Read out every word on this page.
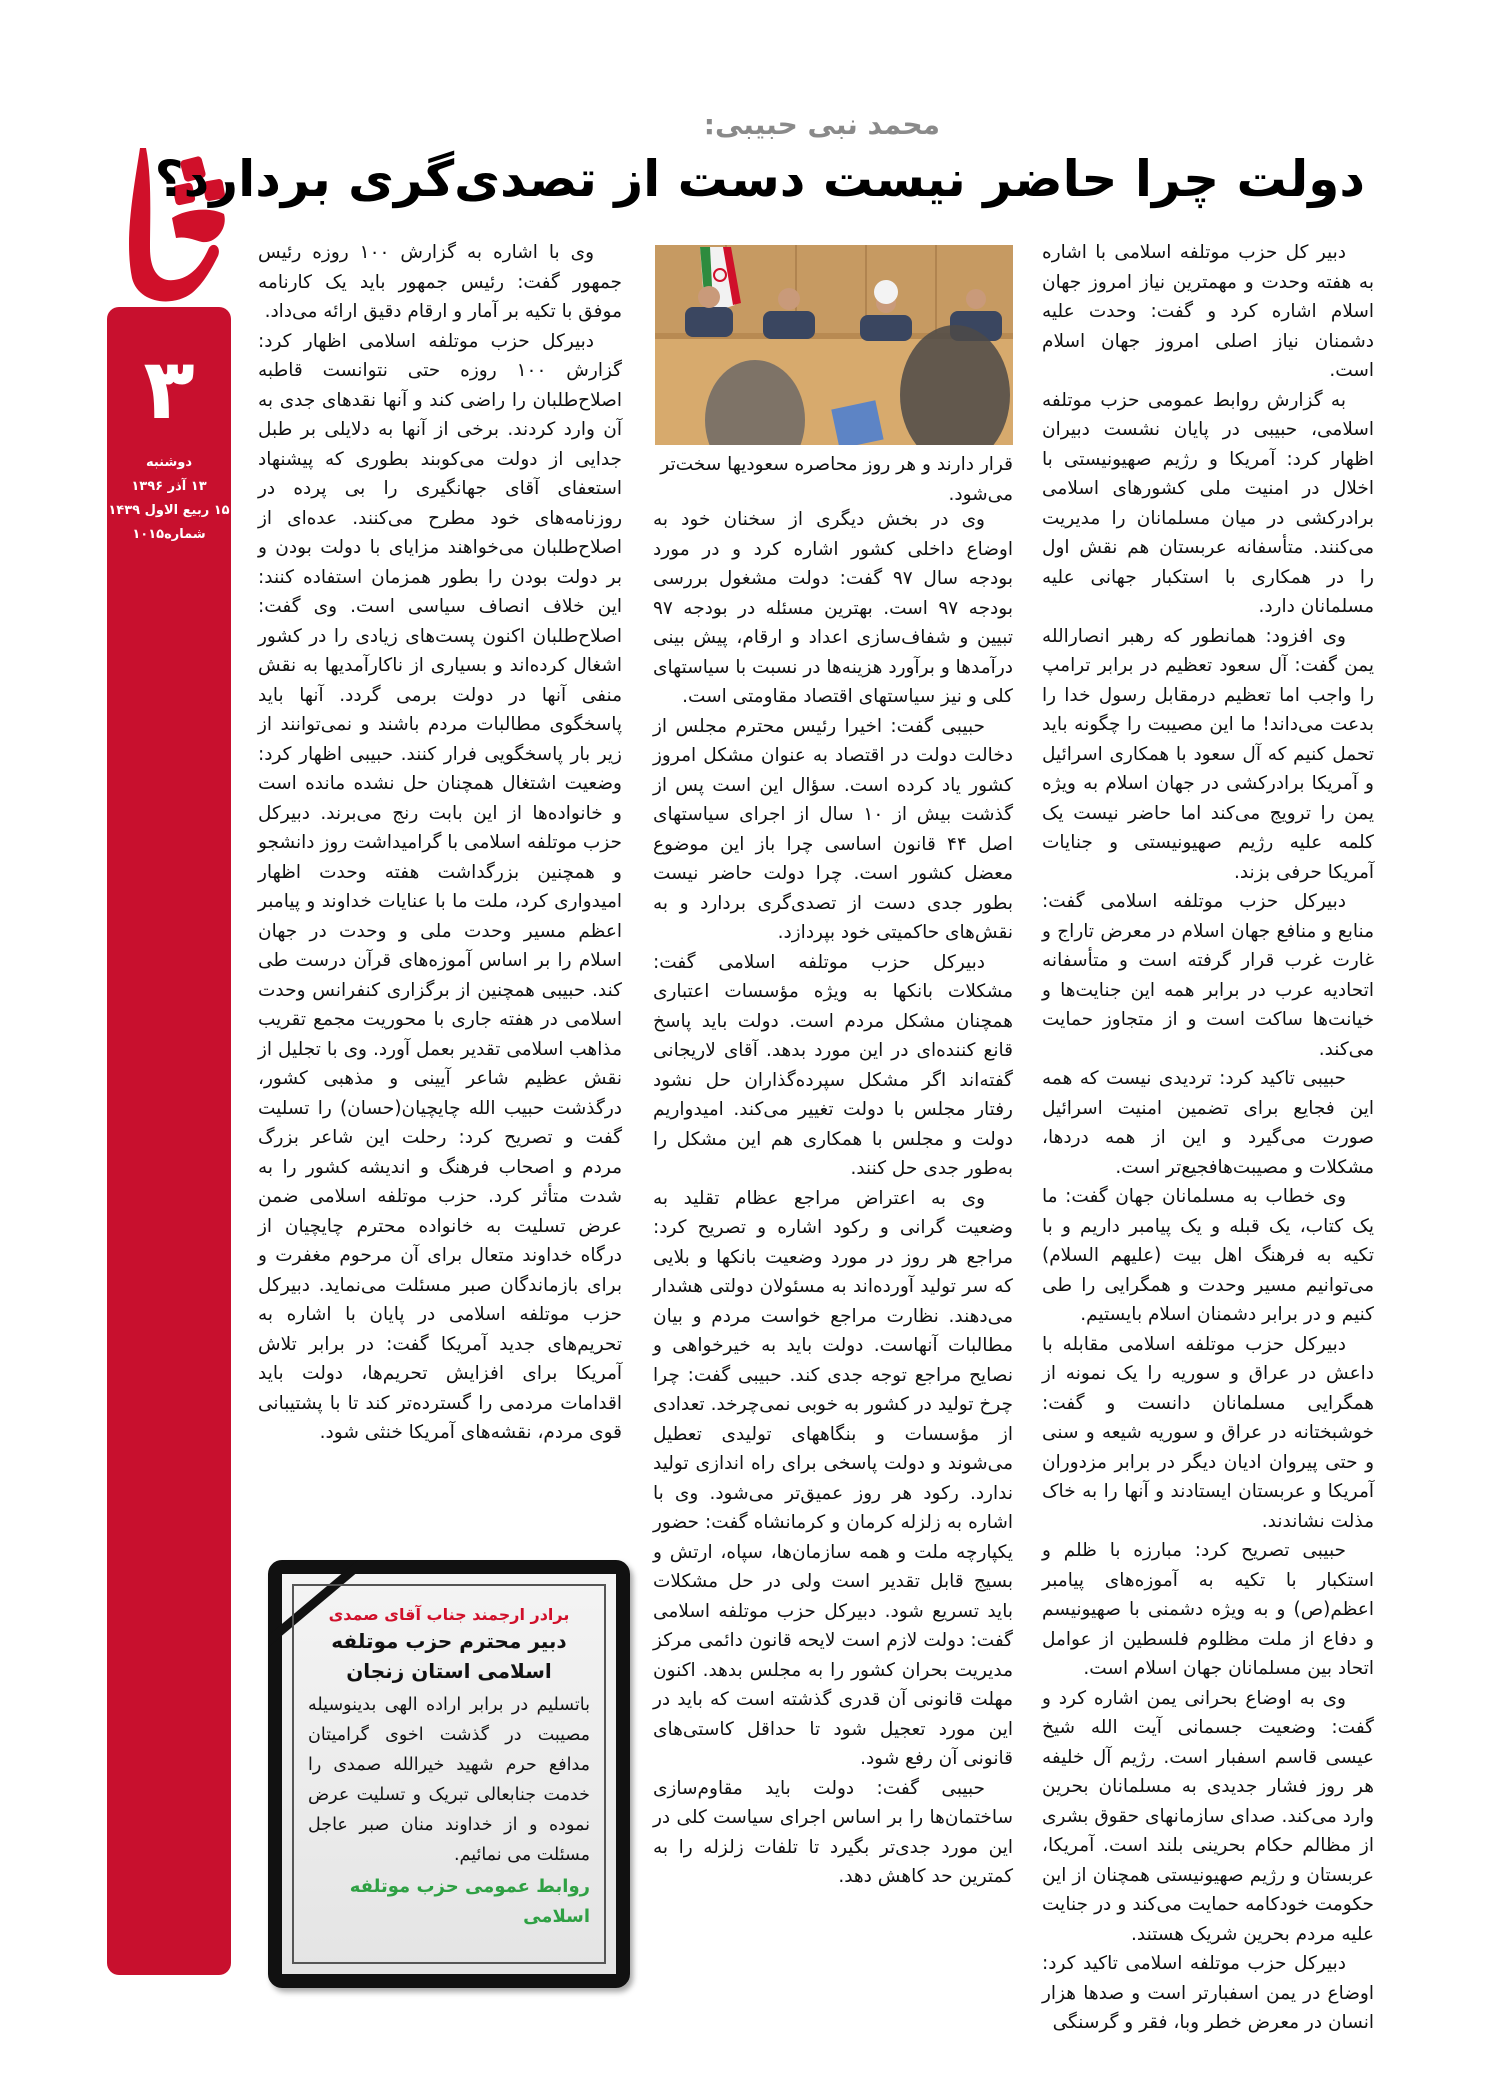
۳
دوشنبه
۱۳ آذر ۱۳۹۶
۱۵ ربیع الاول ۱۴۳۹
شماره۱۰۱۵
محمد نبی حبیبی:
دولت چرا حاضر نیست دست از تصدی‌گری بردارد؟

دبیر کل حزب موتلفه اسلامی با اشاره به هفته وحدت و مهمترین نیاز امروز جهان اسلام اشاره کرد و گفت: وحدت علیه دشمنان نیاز اصلی امروز جهان اسلام است.

به گزارش روابط عمومی حزب موتلفه اسلامی، حبیبی در پایان نشست دبیران اظهار کرد: آمریکا و رژیم صهیونیستی با اخلال در امنیت ملی کشورهای اسلامی برادرکشی در میان مسلمانان را مدیریت می‌کنند. متأسفانه عربستان هم نقش اول را در همکاری با استکبار جهانی علیه مسلمانان دارد.

وی افزود: همانطور که رهبر انصارالله یمن گفت: آل سعود تعظیم در برابر ترامپ را واجب اما تعظیم درمقابل رسول خدا را بدعت می‌داند! ما این مصیبت را چگونه باید تحمل کنیم که آل سعود با همکاری اسرائیل و آمریکا برادرکشی در جهان اسلام به ویژه یمن را ترویج می‌کند اما حاضر نیست یک کلمه علیه رژیم صهیونیستی و جنایات آمریکا حرفی بزند.

دبیرکل حزب موتلفه اسلامی گفت: منابع و منافع جهان اسلام در معرض تاراج و غارت غرب قرار گرفته است و متأسفانه اتحادیه عرب در برابر همه این جنایت‌ها و خیانت‌ها ساکت است و از متجاوز حمایت می‌کند.

حبیبی تاکید کرد: تردیدی نیست که همه این فجایع برای تضمین امنیت اسرائیل صورت می‌گیرد و این از همه دردها، مشکلات و مصیبت‌هافجیع‌تر است.

وی خطاب به مسلمانان جهان گفت: ما یک کتاب، یک قبله و یک پیامبر داریم و با تکیه به فرهنگ اهل بیت (علیهم السلام) می‌توانیم مسیر وحدت و همگرایی را طی کنیم و در برابر دشمنان اسلام بایستیم.

دبیرکل حزب موتلفه اسلامی مقابله با داعش در عراق و سوریه را یک نمونه از همگرایی مسلمانان دانست و گفت: خوشبختانه در عراق و سوریه شیعه و سنی و حتی پیروان ادیان دیگر در برابر مزدوران آمریکا و عربستان ایستادند و آنها را به خاک مذلت نشاندند.

حبیبی تصریح کرد: مبارزه با ظلم و استکبار با تکیه به آموزه‌های پیامبر اعظم(ص) و به ویژه دشمنی با صهیونیسم و دفاع از ملت مظلوم فلسطین از عوامل اتحاد بین مسلمانان جهان اسلام است.

وی به اوضاع بحرانی یمن اشاره کرد و گفت: وضعیت جسمانی آیت الله شیخ عیسی قاسم اسفبار است. رژیم آل خلیفه هر روز فشار جدیدی به مسلمانان بحرین وارد می‌کند. صدای سازمانهای حقوق بشری از مظالم حکام بحرینی بلند است. آمریکا، عربستان و رژیم صهیونیستی همچنان از این حکومت خودکامه حمایت می‌کند و در جنایت علیه مردم بحرین شریک هستند.

دبیرکل حزب موتلفه اسلامی تاکید کرد: اوضاع در یمن اسفبارتر است و صدها هزار انسان در معرض خطر وبا، فقر و گرسنگی

قرار دارند و هر روز محاصره سعودیها سخت‌تر می‌شود.

وی در بخش دیگری از سخنان خود به اوضاع داخلی کشور اشاره کرد و در مورد بودجه سال ۹۷ گفت: دولت مشغول بررسی بودجه ۹۷ است. بهترین مسئله در بودجه ۹۷ تبیین و شفاف‌سازی اعداد و ارقام، پیش بینی درآمدها و برآورد هزینه‌ها در نسبت با سیاستهای کلی و نیز سیاستهای اقتصاد مقاومتی است.

حبیبی گفت: اخیرا رئیس محترم مجلس از دخالت دولت در اقتصاد به عنوان مشکل امروز کشور یاد کرده است. سؤال این است پس از گذشت بیش از ۱۰ سال از اجرای سیاستهای اصل ۴۴ قانون اساسی چرا باز این موضوع معضل کشور است. چرا دولت حاضر نیست بطور جدی دست از تصدی‌گری بردارد و به نقش‌های حاکمیتی خود بپردازد.

دبیرکل حزب موتلفه اسلامی گفت: مشکلات بانکها به ویژه مؤسسات اعتباری همچنان مشکل مردم است. دولت باید پاسخ قانع کننده‌ای در این مورد بدهد. آقای لاریجانی گفته‌اند اگر مشکل سپرده‌گذاران حل نشود رفتار مجلس با دولت تغییر می‌کند. امیدواریم دولت و مجلس با همکاری هم این مشکل را به‌طور جدی حل کنند.

وی به اعتراض مراجع عظام تقلید به وضعیت گرانی و رکود اشاره و تصریح کرد: مراجع هر روز در مورد وضعیت بانکها و بلایی که سر تولید آورده‌اند به مسئولان دولتی هشدار می‌دهند. نظارت مراجع خواست مردم و بیان مطالبات آنهاست. دولت باید به خیرخواهی و نصایح مراجع توجه جدی کند. حبیبی گفت: چرا چرخ تولید در کشور به خوبی نمی‌چرخد. تعدادی از مؤسسات و بنگاههای تولیدی تعطیل می‌شوند و دولت پاسخی برای راه اندازی تولید ندارد. رکود هر روز عمیق‌تر می‌شود. وی با اشاره به زلزله کرمان و کرمانشاه گفت: حضور یکپارچه ملت و همه سازمان‌ها، سپاه، ارتش و بسیج قابل تقدیر است ولی در حل مشکلات باید تسریع شود. دبیرکل حزب موتلفه اسلامی گفت: دولت لازم است لایحه قانون دائمی مرکز مدیریت بحران کشور را به مجلس بدهد. اکنون مهلت قانونی آن قدری گذشته است که باید در این مورد تعجیل شود تا حداقل کاستی‌های قانونی آن رفع شود.

حبیبی گفت: دولت باید مقاوم‌سازی ساختمان‌ها را بر اساس اجرای سیاست کلی در این مورد جدی‌تر بگیرد تا تلفات زلزله را به کمترین حد کاهش دهد.

وی با اشاره به گزارش ۱۰۰ روزه رئیس جمهور گفت: رئیس جمهور باید یک کارنامه موفق با تکیه بر آمار و ارقام دقیق ارائه می‌داد.

دبیرکل حزب موتلفه اسلامی اظهار کرد: گزارش ۱۰۰ روزه حتی نتوانست قاطبه اصلاح‌طلبان را راضی کند و آنها نقدهای جدی به آن وارد کردند. برخی از آنها به دلایلی بر طبل جدایی از دولت می‌کوبند بطوری که پیشنهاد استعفای آقای جهانگیری را بی پرده در روزنامه‌های خود مطرح می‌کنند. عده‌ای از اصلاح‌طلبان می‌خواهند مزایای با دولت بودن و بر دولت بودن را بطور همزمان استفاده کنند: این خلاف انصاف سیاسی است. وی گفت: اصلاح‌طلبان اکنون پست‌های زیادی را در کشور اشغال کرده‌اند و بسیاری از ناکارآمدیها به نقش منفی آنها در دولت برمی گردد. آنها باید پاسخگوی مطالبات مردم باشند و نمی‌توانند از زیر بار پاسخگویی فرار کنند. حبیبی اظهار کرد: وضعیت اشتغال همچنان حل نشده مانده است و خانواده‌ها از این بابت رنج می‌برند. دبیرکل حزب موتلفه اسلامی با گرامیداشت روز دانشجو و همچنین بزرگداشت هفته وحدت اظهار امیدواری کرد، ملت ما با عنایات خداوند و پیامبر اعظم مسیر وحدت ملی و وحدت در جهان اسلام را بر اساس آموزه‌های قرآن درست طی کند. حبیبی همچنین از برگزاری کنفرانس وحدت اسلامی در هفته جاری با محوریت مجمع تقریب مذاهب اسلامی تقدیر بعمل آورد. وی با تجلیل از نقش عظیم شاعر آیینی و مذهبی کشور، درگذشت حبیب الله چایچیان(حسان) را تسلیت گفت و تصریح کرد: رحلت این شاعر بزرگ مردم و اصحاب فرهنگ و اندیشه کشور را به شدت متأثر کرد. حزب موتلفه اسلامی ضمن عرض تسلیت به خانواده محترم چایچیان از درگاه خداوند متعال برای آن مرحوم مغفرت و برای بازماندگان صبر مسئلت می‌نماید. دبیرکل حزب موتلفه اسلامی در پایان با اشاره به تحریم‌های جدید آمریکا گفت: در برابر تلاش آمریکا برای افزایش تحریم‌ها، دولت باید اقدامات مردمی را گسترده‌تر کند تا با پشتیبانی قوی مردم، نقشه‌های آمریکا خنثی شود.

برادر ارجمند جناب آقای صمدی
دبیر محترم حزب موتلفه اسلامی استان زنجان
باتسلیم در برابر اراده الهی بدینوسیله مصیبت در گذشت اخوی گرامیتان مدافع حرم شهید خیرالله صمدی را خدمت جنابعالی تبریک و تسلیت عرض نموده و از خداوند منان صبر عاجل مسئلت می نمائیم.
روابط عمومی حزب موتلفه اسلامی
